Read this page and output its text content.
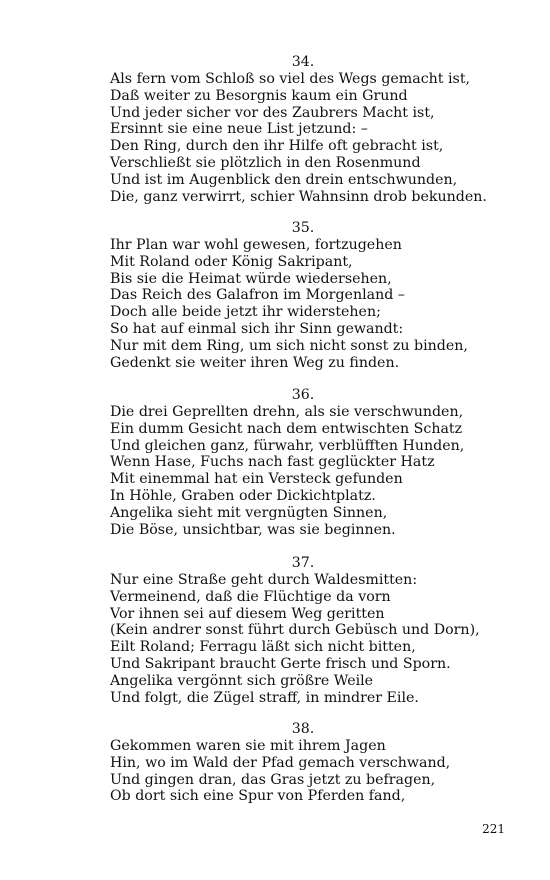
34.
Als fern vom Schloß so viel des Wegs gemacht ist,
Daß weiter zu Besorgnis kaum ein Grund
Und jeder sicher vor des Zaubrers Macht ist,
Ersinnt sie eine neue List jetzund: –
Den Ring, durch den ihr Hilfe oft gebracht ist,
Verschließt sie plötzlich in den Rosenmund
Und ist im Augenblick den drein entschwunden,
Die, ganz verwirrt, schier Wahnsinn drob bekunden.
35.
Ihr Plan war wohl gewesen, fortzugehen
Mit Roland oder König Sakripant,
Bis sie die Heimat würde wiedersehen,
Das Reich des Galafron im Morgenland –
Doch alle beide jetzt ihr widerstehen;
So hat auf einmal sich ihr Sinn gewandt:
Nur mit dem Ring, um sich nicht sonst zu binden,
Gedenkt sie weiter ihren Weg zu finden.
36.
Die drei Geprellten drehn, als sie verschwunden,
Ein dumm Gesicht nach dem entwischten Schatz
Und gleichen ganz, fürwahr, verblüfften Hunden,
Wenn Hase, Fuchs nach fast geglückter Hatz
Mit einemmal hat ein Versteck gefunden
In Höhle, Graben oder Dickichtplatz.
Angelika sieht mit vergnügten Sinnen,
Die Böse, unsichtbar, was sie beginnen.
37.
Nur eine Straße geht durch Waldesmitten:
Vermeinend, daß die Flüchtige da vorn
Vor ihnen sei auf diesem Weg geritten
(Kein andrer sonst führt durch Gebüsch und Dorn),
Eilt Roland; Ferragu läßt sich nicht bitten,
Und Sakripant braucht Gerte frisch und Sporn.
Angelika vergönnt sich größre Weile
Und folgt, die Zügel straff, in mindrer Eile.
38.
Gekommen waren sie mit ihrem Jagen
Hin, wo im Wald der Pfad gemach verschwand,
Und gingen dran, das Gras jetzt zu befragen,
Ob dort sich eine Spur von Pferden fand,
221
